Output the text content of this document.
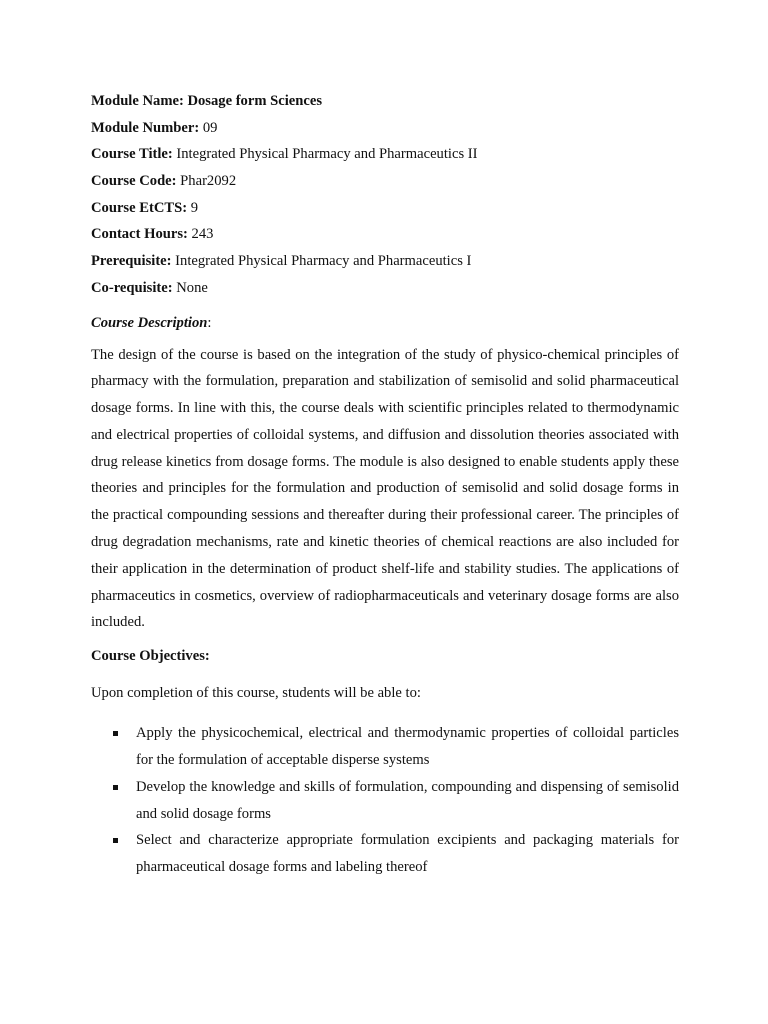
Module Name: Dosage form Sciences
Module Number: 09
Course Title: Integrated Physical Pharmacy and Pharmaceutics II
Course Code: Phar2092
Course EtCTS: 9
Contact Hours: 243
Prerequisite: Integrated Physical Pharmacy and Pharmaceutics I
Co-requisite: None
Course Description:

The design of the course is based on the integration of the study of physico-chemical principles of pharmacy with the formulation, preparation and stabilization of semisolid and solid pharmaceutical dosage forms. In line with this, the course deals with scientific principles related to thermodynamic and electrical properties of colloidal systems, and diffusion and dissolution theories associated with drug release kinetics from dosage forms. The module is also designed to enable students apply these theories and principles for the formulation and production of semisolid and solid dosage forms in the practical compounding sessions and thereafter during their professional career. The principles of drug degradation mechanisms, rate and kinetic theories of chemical reactions are also included for their application in the determination of product shelf-life and stability studies. The applications of pharmaceutics in cosmetics, overview of radiopharmaceuticals and veterinary dosage forms are also included.

Course Objectives:
Upon completion of this course, students will be able to:
Apply the physicochemical, electrical and thermodynamic properties of colloidal particles for the formulation of acceptable disperse systems
Develop the knowledge and skills of formulation, compounding and dispensing of semisolid and solid dosage forms
Select and characterize appropriate formulation excipients and packaging materials for pharmaceutical dosage forms and labeling thereof
